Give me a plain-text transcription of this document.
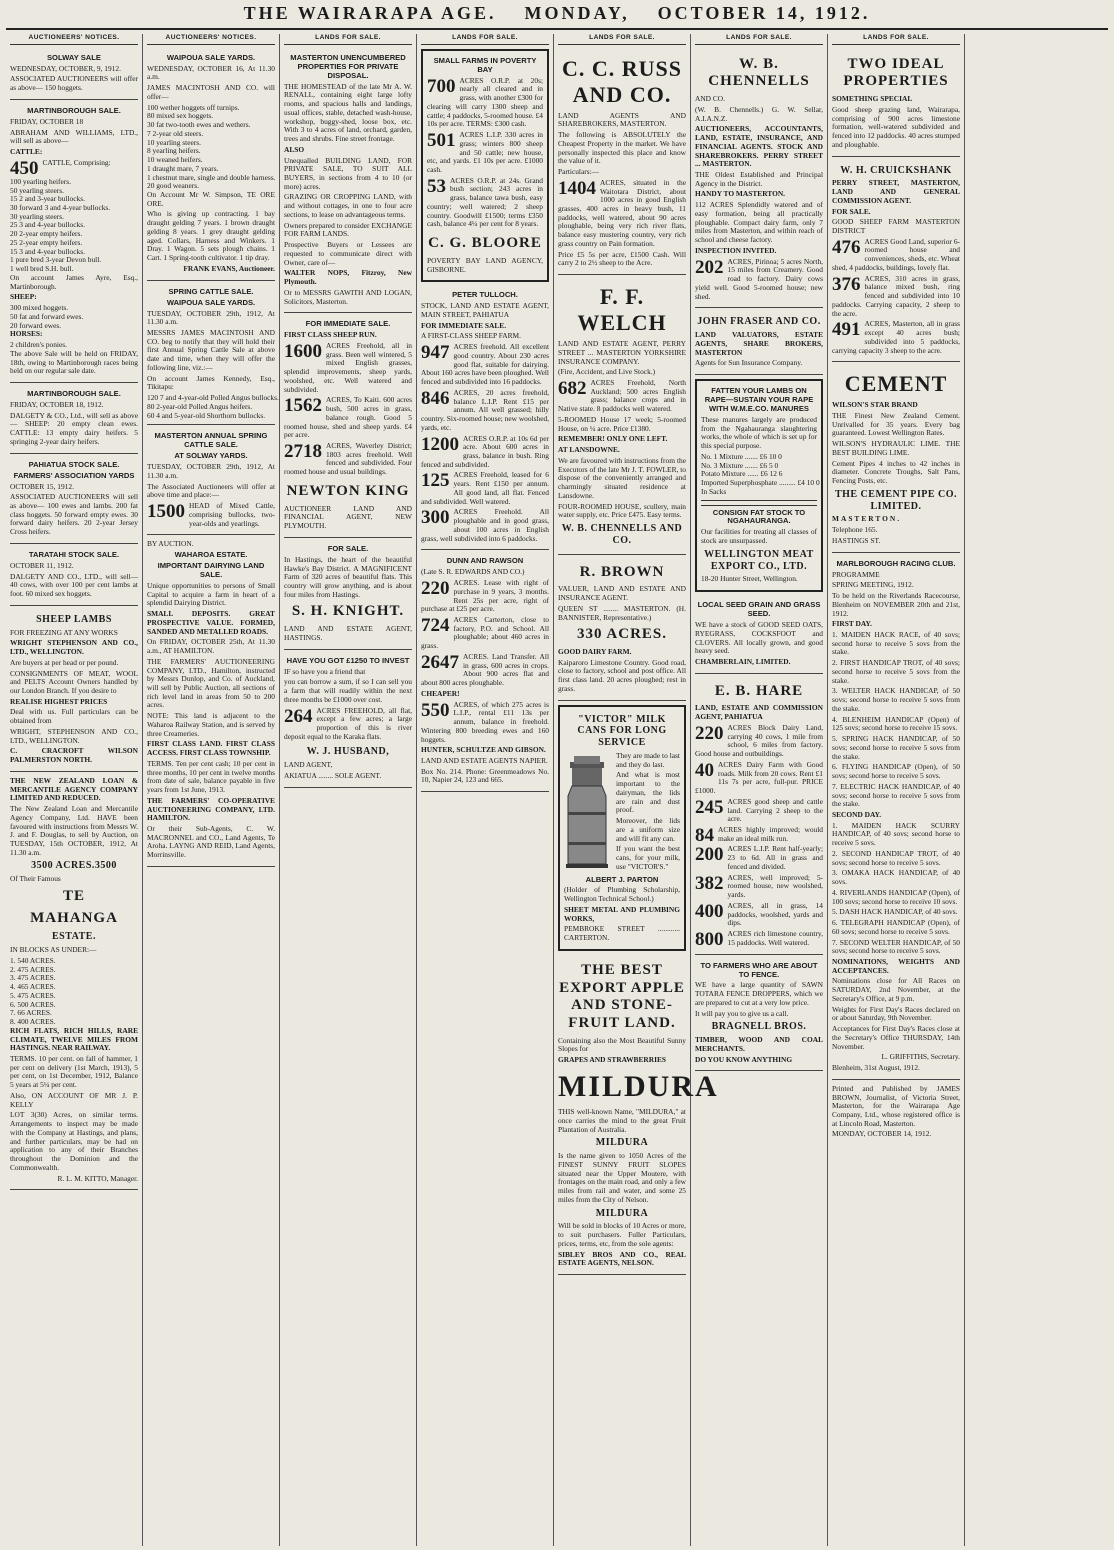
THE WAIRARAPA AGE. MONDAY, OCTOBER 14, 1912.
AUCTIONEERS' NOTICES.
SOLWAY SALE

WEDNESDAY, OCTOBER, 9, 1912.

ASSOCIATED AUCTIONEERS will offer as above— 150 hoggets.

MARTINBOROUGH SALE.

FRIDAY, OCTOBER 18

ABRAHAM AND WILLIAMS, LTD., will sell as above—

CATTLE:

450 CATTLE, Comprising:

100 yearling heifers.
50 yearling steers.
15 2 and 3-year bullocks.
30 forward 3 and 4-year bullocks.
30 yearling steers.
25 3 and 4-year bullocks.
20 2-year empty heifers.
25 2-year empty heifers.
15 3 and 4-year bullocks.
1 pure bred 3-year Devon bull.
1 well bred S.H. bull.

On account James Ayre, Esq., Martinborough.

SHEEP:

300 mixed hoggets.
50 fat and forward ewes.
20 forward ewes.

HORSES:

2 children's ponies.

The above Sale will be held on FRIDAY, 18th, owing to Martinborough races being held on our regular sale date.

MARTINBOROUGH SALE.

FRIDAY, OCTOBER 18, 1912.

DALGETY & CO., Ltd., will sell as above— SHEEP: 20 empty clean ewes. CATTLE: 13 empty dairy heifers. 5 springing 2-year dairy heifers.

PAHIATUA STOCK SALE.
FARMERS' ASSOCIATION YARDS

OCTOBER 15, 1912.

ASSOCIATED AUCTIONEERS will sell as above— 100 ewes and lambs. 200 fat class hoggets. 50 forward empty ewes. 30 forward dairy heifers. 20 2-year Jersey Cross heifers.

TARATAHI STOCK SALE.

OCTOBER 11, 1912.

DALGETY AND CO., LTD., will sell— 40 cows, with over 100 per cent lambs at foot. 60 mixed sex hoggets.

SHEEP LAMBS

FOR FREEZING AT ANY WORKS

WRIGHT STEPHENSON AND CO., LTD., WELLINGTON.

Are buyers at per head or per pound.

CONSIGNMENTS OF MEAT, WOOL and PELTS Account Owners handled by our London Branch. If you desire to

REALISE HIGHEST PRICES

Deal with us. Full particulars can be obtained from

WRIGHT, STEPHENSON AND CO., LTD., WELLINGTON.

C. CRACROFT WILSON PALMERSTON NORTH.

THE NEW ZEALAND LOAN & MERCANTILE AGENCY COMPANY LIMITED AND REDUCED.

The New Zealand Loan and Mercantile Agency Company, Ltd. HAVE been favoured with instructions from Messrs W. J. and F. Douglas, to sell by Auction, on TUESDAY, 15th OCTOBER, 1912, At 11.30 a.m.

3500 ACRES.3500

Of Their Famous

TE
MAHANGA
ESTATE.

IN BLOCKS AS UNDER:—

1. 540 ACRES.
2. 475 ACRES.
3. 475 ACRES.
4. 465 ACRES.
5. 475 ACRES.
6. 500 ACRES.
7. 66 ACRES.
8. 400 ACRES.

RICH FLATS, RICH HILLS, RARE CLIMATE, TWELVE MILES FROM HASTINGS. NEAR RAILWAY.

TERMS. 10 per cent. on fall of hammer, 1 per cent on delivery (1st March, 1913), 5 per cent, on 1st December, 1912, Balance 5 years at 5¼ per cent.

Also, ON ACCOUNT OF MR J. P. KELLY

LOT 3(30) Acres, on similar terms. Arrangements to inspect may be made with the Company at Hastings, and plans, and further particulars, may be had on application to any of their Branches throughout the Dominion and the Commonwealth.

R. L. M. KITTO, Manager.

AUCTIONEERS' NOTICES.
WAIPOUA SALE YARDS.

WEDNESDAY, OCTOBER 16, At 11.30 a.m.

JAMES MACINTOSH AND CO. will offer—

100 wether hoggets off turnips.
80 mixed sex hoggets.
30 fat two-tooth ewes and wethers.
7 2-year old steers.
10 yearling steers.
8 yearling heifers.
10 weaned heifers.
1 draught mare, 7 years.
1 chestnut mare, single and double harness.
20 good weaners.

On Account Mr W. Simpson, TE ORE ORE.

Who is giving up contracting. 1 bay draught gelding 7 years. 1 brown draught gelding 8 years. 1 grey draught gelding aged. Collars, Harness and Winkers. 1 Dray. 1 Wagon. 5 sets plough chains. 1 Cart. 1 Spring-tooth cultivator. 1 tip dray.

FRANK EVANS, Auctioneer.

SPRING CATTLE SALE.
WAIPOUA SALE YARDS.

TUESDAY, OCTOBER 29th, 1912, At 11.30 a.m.

MESSRS JAMES MACINTOSH AND CO. beg to notify that they will hold their first Annual Spring Cattle Sale at above date and time, when they will offer the following line, viz.:—

On account James Kennedy, Esq., Tikitapu:

120 7 and 4-year-old Polled Angus bullocks.
80 2-year-old Polled Angus heifers.
60 4 and 5-year-old Shorthorn bullocks.
MASTERTON ANNUAL SPRING CATTLE SALE.
AT SOLWAY YARDS.

TUESDAY, OCTOBER 29th, 1912, At 11.30 a.m.

The Associated Auctioneers will offer at above time and place:—

1500 HEAD of Mixed Cattle, comprising bullocks, two-year-olds and yearlings.

BY AUCTION.

WAHAROA ESTATE.
IMPORTANT DAIRYING LAND SALE.

Unique opportunities to persons of Small Capital to acquire a farm in heart of a splendid Dairying District.

SMALL DEPOSITS. GREAT PROSPECTIVE VALUE. FORMED, SANDED AND METALLED ROADS.

On FRIDAY, OCTOBER 25th, At 11.30 a.m., AT HAMILTON.

THE FARMERS' AUCTIONEERING COMPANY, LTD., Hamilton, instructed by Messrs Dunlop, and Co. of Auckland, will sell by Public Auction, all sections of rich level land in areas from 50 to 200 acres.

NOTE: This land is adjacent to the Waharoa Railway Station, and is served by three Creameries.

FIRST CLASS LAND. FIRST CLASS ACCESS. FIRST CLASS TOWNSHIP.

TERMS. Ten per cent cash; 10 per cent in three months, 10 per cent in twelve months from date of sale, balance payable in five years from 1st June, 1913.

THE FARMERS' CO-OPERATIVE AUCTIONEERING COMPANY, LTD. HAMILTON.

Or their Sub-Agents, C. W. MACRONNEL and CO., Land Agents, Te Aroha. LAYNG AND REID, Land Agents, Morrinsville.

LANDS FOR SALE.
MASTERTON UNENCUMBERED PROPERTIES FOR PRIVATE DISPOSAL.

THE HOMESTEAD of the late Mr A. W. RENALL, containing eight large lofty rooms, and spacious halls and landings, usual offices, stable, detached wash-house, workshop, buggy-shed, loose box, etc. With 3 to 4 acres of land, orchard, garden, trees and shrubs. Fine street frontage.

ALSO

Unequalled BUILDING LAND, FOR PRIVATE SALE, TO SUIT ALL BUYERS, in sections from 4 to 10 (or more) acres.

GRAZING OR CROPPING LAND, with and without cottages, in one to four acre sections, to lease on advantageous terms.

Owners prepared to consider EXCHANGE FOR FARM LANDS.

Prospective Buyers or Lessees are requested to communicate direct with Owner, care of—

WALTER NOPS, Fitzroy, New Plymouth.

Or to MESSRS GAWITH AND LOGAN, Solicitors, Masterton.

FOR IMMEDIATE SALE.

FIRST CLASS SHEEP RUN.

1600 ACRES Freehold, all in grass. Been well wintered, 5 mixed English grasses, splendid improvements, sheep yards, woolshed, etc. Well watered and subdivided.

1562 ACRES, To Kaiti. 600 acres bush, 500 acres in grass, balance rough. Good 5 roomed house, shed and sheep yards. £4 per acre.

2718 ACRES, Waverley District; 1803 acres freehold. Well fenced and subdivided. Four roomed house and usual buildings.

NEWTON KING

AUCTIONEER LAND AND FINANCIAL AGENT, NEW PLYMOUTH.

FOR SALE.

In Hastings, the heart of the beautiful Hawke's Bay District. A MAGNIFICENT Farm of 320 acres of beautiful flats. This country will grow anything, and is about four miles from Hastings.

S. H. KNIGHT.

LAND AND ESTATE AGENT, HASTINGS.

HAVE YOU GOT £1250 TO INVEST

IF so have you a friend that

you can borrow a sum, if so I can sell you a farm that will readily within the next three months be £1000 over cost.

264 ACRES FREEHOLD, all flat, except a few acres; a large proportion of this is river deposit equal to the Karaka flats.

W. J. HUSBAND,

LAND AGENT,

AKIATUA ........ SOLE AGENT.

LANDS FOR SALE.
SMALL FARMS IN POVERTY BAY

700 ACRES O.R.P. at 20s; nearly all cleared and in grass, with another £300 for clearing will carry 1300 sheep and cattle; 4 paddocks, 5-roomed house. £4 10s per acre. TERMS: £300 cash.

501 ACRES L.I.P. 330 acres in grass; winters 800 sheep and 50 cattle; new house, etc, and yards. £1 10s per acre. £1000 cash.

53 ACRES O.R.P. at 24s. Grand bush section; 243 acres in grass, balance tawa bush, easy country; well watered; 2 sheep country. Goodwill £1500; terms £350 cash, balance 4¼ per cent for 8 years.

C. G. BLOORE

POVERTY BAY LAND AGENCY, GISBORNE.

PETER TULLOCH.

STOCK, LAND AND ESTATE AGENT, MAIN STREET, PAHIATUA

FOR IMMEDIATE SALE.

A FIRST-CLASS SHEEP FARM.

947 ACRES freehold. All excellent good country. About 230 acres good flat, suitable for dairying. About 160 acres have been ploughed. Well fenced and subdivided into 16 paddocks.

846 ACRES, 20 acres freehold, balance L.I.P. Rent £15 per annum. All well grassed; hilly country. Six-roomed house; new woolshed, yards, etc.

1200 ACRES O.R.P. at 10s 6d per acre. About 600 acres in grass, balance in bush. Ring fenced and subdivided.

125 ACRES Freehold, leased for 6 years. Rent £150 per annum. All good land, all flat. Fenced and subdivided. Well watered.

300 ACRES Freehold. All ploughable and in good grass, about 100 acres in English grass, well subdivided into 6 paddocks.

DUNN AND RAWSON

(Late S. R. EDWARDS AND CO.)

220 ACRES. Lease with right of purchase in 9 years, 3 months. Rent 25s per acre, right of purchase at £25 per acre.

724 ACRES Carterton, close to factory, P.O. and School. All ploughable; about 460 acres in grass.

2647 ACRES. Land Transfer. All in grass, 600 acres in crops. About 900 acres flat and about 800 acres ploughable.

CHEAPER!

550 ACRES, of which 275 acres is L.I.P., rental £11 13s per annum, balance in freehold. Wintering 800 breeding ewes and 160 hoggets.

HUNTER, SCHULTZE AND GIBSON.

LAND AND ESTATE AGENTS NAPIER.

Box No. 214. Phone: Greenmeadows No. 10, Napier 24, 123 and 665.

LANDS FOR SALE.
C. C. RUSS AND CO.

LAND AGENTS AND SHAREBROKERS, MASTERTON.

The following is ABSOLUTELY the Cheapest Property in the market. We have personally inspected this place and know the value of it.

Particulars:—

1404 ACRES, situated in the Waitotara District, about 1000 acres in good English grasses, 400 acres in heavy bush, 11 paddocks, well watered, about 90 acres ploughable, being very rich river flats, balance easy mustering country, very rich grass country on Pain formation.

Price £5 5s per acre, £1500 Cash. Will carry 2 to 2½ sheep to the Acre.

F. F. WELCH

LAND AND ESTATE AGENT, PERRY STREET ... MASTERTON YORKSHIRE INSURANCE COMPANY.

(Fire, Accident, and Live Stock.)

682 ACRES Freehold, North Auckland; 500 acres English grass; balance crops and in Native state. 8 paddocks well watered.

5-ROOMED House 17 week; 5-roomed House, on ¼ acre. Price £1380.

REMEMBER! ONLY ONE LEFT.

AT LANSDOWNE.

We are favoured with instructions from the Executors of the late Mr J. T. FOWLER, to dispose of the conveniently arranged and charmingly situated residence at Lansdowne.

FOUR-ROOMED HOUSE, scullery, main water supply, etc. Price £475. Easy terms.

W. B. CHENNELLS AND CO.
R. BROWN

VALUER, LAND AND ESTATE AND INSURANCE AGENT.

QUEEN ST ........ MASTERTON. (H. BANNISTER, Representative.)

330 ACRES.

GOOD DAIRY FARM.

Kaiparoro Limestone Country. Good road, close to factory, school and post office. All first class land. 20 acres ploughed; rest in grass.

"VICTOR" MILK CANS FOR LONG SERVICE

They are made to last and they do last.

And what is most important to the dairyman, the lids are rain and dust proof.

Moreover, the lids are a uniform size and will fit any can.

If you want the best cans, for your milk, use "VICTOR'S."

ALBERT J. PARTON

(Holder of Plumbing Scholarship, Wellington Technical School.)

SHEET METAL AND PLUMBING WORKS,

PEMBROKE STREET ............ CARTERTON.

THE BEST EXPORT APPLE AND STONE-FRUIT LAND.

Containing also the Most Beautiful Sunny Slopes for

GRAPES AND STRAWBERRIES

MILDURA

THIS well-known Name, "MILDURA," at once carries the mind to the great Fruit Plantation of Australia.

MILDURA

Is the name given to 1050 Acres of the FINEST SUNNY FRUIT SLOPES situated near the Upper Moutere, with frontages on the main road, and only a few miles from rail and water, and some 25 miles from the City of Nelson.

MILDURA

Will be sold in blocks of 10 Acres or more, to suit purchasers. Fuller Particulars, prices, terms, etc, from the sole agents:

SIBLEY BROS AND CO., REAL ESTATE AGENTS, NELSON.

LANDS FOR SALE.
W. B. CHENNELLS

AND CO.

(W. B. Chennells.) G. W. Sellar, A.I.A.N.Z.

AUCTIONEERS, ACCOUNTANTS, LAND, ESTATE, INSURANCE, AND FINANCIAL AGENTS. STOCK AND SHAREBROKERS. PERRY STREET ... MASTERTON.

THE Oldest Established and Principal Agency in the District.

HANDY TO MASTERTON.

112 ACRES Splendidly watered and of easy formation, being all practically ploughable. Compact dairy farm, only 7 miles from Masterton, and within reach of school and cheese factory.

INSPECTION INVITED.

202 ACRES, Pirinoa; 5 acres North, 15 miles from Creamery. Good road to factory. Dairy cows yield well. Good 5-roomed house; new shed.

JOHN FRASER AND CO.

LAND VALUATORS, ESTATE AGENTS, SHARE BROKERS, MASTERTON

Agents for Sun Insurance Company.

FATTEN YOUR LAMBS ON RAPE—SUSTAIN YOUR RAPE WITH W.M.E.CO. MANURES

These manures largely are produced from the Ngahauranga slaughtering works, the whole of which is set up for this special purpose.

No. 1 Mixture ....... £6 10 0
No. 3 Mixture ....... £6 5 0
Potato Mixture ...... £6 12 6
Imported Superphosphate ......... £4 10 0

In Sacks

CONSIGN FAT STOCK TO NGAHAURANGA.

Our facilities for treating all classes of stock are unsurpassed.

WELLINGTON MEAT EXPORT CO., LTD.

18-20 Hunter Street, Wellington.

LOCAL SEED GRAIN AND GRASS SEED.

WE have a stock of GOOD SEED OATS, RYEGRASS, COCKSFOOT and CLOVERS. All locally grown, and good heavy seed.

CHAMBERLAIN, LIMITED.

E. B. HARE

LAND, ESTATE AND COMMISSION AGENT, PAHIATUA

220 ACRES Block Dairy Land, carrying 40 cows, 1 mile from school, 6 miles from factory. Good house and outbuildings.

40 ACRES Dairy Farm with Good roads. Milk from 20 cows. Rent £1 11s 7s per acre, full-pur. PRICE £1000.

245 ACRES good sheep and cattle land. Carrying 2 sheep to the acre.

84 ACRES highly improved; would make an ideal milk run.

200 ACRES L.I.P. Rent half-yearly; 23 to 6d. All in grass and fenced and divided.

382 ACRES, well improved; 5-roomed house, new woolshed, yards.

400 ACRES, all in grass, 14 paddocks, woolshed, yards and dips.

800 ACRES rich limestone country, 15 paddocks. Well watered.

TO FARMERS WHO ARE ABOUT TO FENCE.

WE have a large quantity of SAWN TOTARA FENCE DROPPERS, which we are prepared to cut at a very low price.

It will pay you to give us a call.

BRAGNELL BROS.

TIMBER, WOOD AND COAL MERCHANTS.

DO YOU KNOW ANYTHING

LANDS FOR SALE.
TWO IDEAL PROPERTIES

SOMETHING SPECIAL

Good sheep grazing land, Wairarapa, comprising of 900 acres limestone formation, well-watered subdivided and fenced into 12 paddocks. 40 acres stumped and ploughable.

W. H. CRUICKSHANK

PERRY STREET, MASTERTON, LAND AND GENERAL COMMISSION AGENT.

FOR SALE.

GOOD SHEEP FARM MASTERTON DISTRICT

476 ACRES Good Land, superior 6-roomed house and conveniences, sheds, etc. Wheat shed, 4 paddocks, buildings, lovely flat.

376 ACRES, 310 acres in grass, balance mixed bush, ring fenced and subdivided into 10 paddocks. Carrying capacity, 2 sheep to the acre.

491 ACRES, Masterton, all in grass except 40 acres bush; subdivided into 5 paddocks, carrying capacity 3 sheep to the acre.

CEMENT

WILSON'S STAR BRAND

THE Finest New Zealand Cement. Unrivalled for 35 years. Every bag guaranteed. Lowest Wellington Rates.

WILSON'S HYDRAULIC LIME. THE BEST BUILDING LIME.

Cement Pipes 4 inches to 42 inches in diameter. Concrete Troughs, Salt Pans, Fencing Posts, etc.

THE CEMENT PIPE CO. LIMITED.

MASTERTON.

Telephone 165.

HASTINGS ST.

MARLBOROUGH RACING CLUB.

PROGRAMME

SPRING MEETING, 1912.

To be held on the Riverlands Racecourse, Blenheim on NOVEMBER 20th and 21st, 1912.

FIRST DAY.

1. MAIDEN HACK RACE, of 40 sovs; second horse to receive 5 sovs from the stake.

2. FIRST HANDICAP TROT, of 40 sovs; second horse to receive 5 sovs from the stake.

3. WELTER HACK HANDICAP, of 50 sovs; second horse to receive 5 sovs from the stake.

4. BLENHEIM HANDICAP (Open) of 125 sovs; second horse to receive 15 sovs.

5. SPRING HACK HANDICAP, of 50 sovs; second horse to receive 5 sovs from the stake.

6. FLYING HANDICAP (Open), of 50 sovs; second horse to receive 5 sovs.

7. ELECTRIC HACK HANDICAP, of 40 sovs; second horse to receive 5 sovs from the stake.

SECOND DAY.

1. MAIDEN HACK SCURRY HANDICAP, of 40 sovs; second horse to receive 5 sovs.

2. SECOND HANDICAP TROT, of 40 sovs; second horse to receive 5 sovs.

3. OMAKA HACK HANDICAP, of 40 sovs.

4. RIVERLANDS HANDICAP (Open), of 100 sovs; second horse to receive 10 sovs.

5. DASH HACK HANDICAP, of 40 sovs.

6. TELEGRAPH HANDICAP (Open), of 60 sovs; second horse to receive 5 sovs.

7. SECOND WELTER HANDICAP, of 50 sovs; second horse to receive 5 sovs.

NOMINATIONS, WEIGHTS AND ACCEPTANCES.

Nominations close for All Races on SATURDAY, 2nd November, at the Secretary's Office, at 9 p.m.

Weights for First Day's Races declared on or about Saturday, 9th November.

Acceptances for First Day's Races close at the Secretary's Office THURSDAY, 14th November.

L. GRIFFITHS, Secretary.

Blenheim, 31st August, 1912.

Printed and Published by JAMES BROWN, Journalist, of Victoria Street, Masterton, for the Wairarapa Age Company, Ltd., whose registered office is at Lincoln Road, Masterton.

MONDAY, OCTOBER 14, 1912.
